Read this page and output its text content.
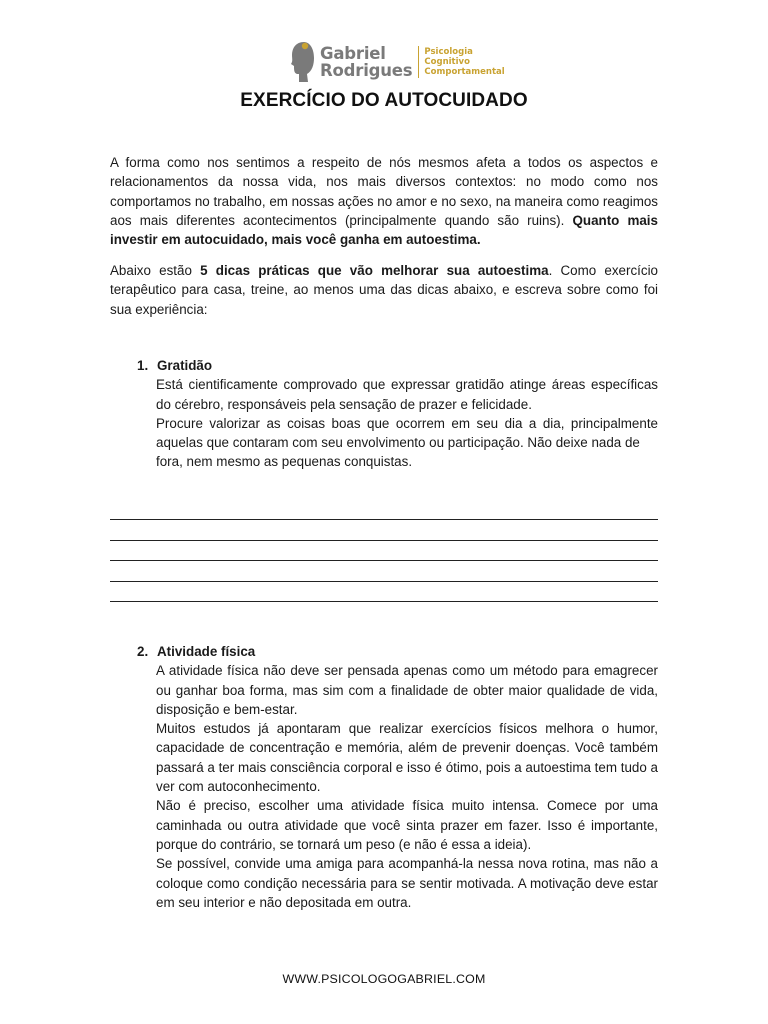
Gabriel
Rodrigues
Psicologia
Cognitivo
Comportamental
EXERCÍCIO DO AUTOCUIDADO

A forma como nos sentimos a respeito de nós mesmos afeta a todos os aspectos e relacionamentos da nossa vida, nos mais diversos contextos: no modo como nos comportamos no trabalho, em nossas ações no amor e no sexo, na maneira como reagimos aos mais diferentes acontecimentos (principalmente quando são ruins). Quanto mais investir em autocuidado, mais você ganha em autoestima.

Abaixo estão 5 dicas práticas que vão melhorar sua autoestima. Como exercício terapêutico para casa, treine, ao menos uma das dicas abaixo, e escreva sobre como foi sua experiência:

1. Gratidão

Está cientificamente comprovado que expressar gratidão atinge áreas específicas do cérebro, responsáveis pela sensação de prazer e felicidade.

Procure valorizar as coisas boas que ocorrem em seu dia a dia, principalmente aquelas que contaram com seu envolvimento ou participação. Não deixe nada de

fora, nem mesmo as pequenas conquistas.

2. Atividade física

A atividade física não deve ser pensada apenas como um método para emagrecer ou ganhar boa forma, mas sim com a finalidade de obter maior qualidade de vida, disposição e bem-estar.

Muitos estudos já apontaram que realizar exercícios físicos melhora o humor, capacidade de concentração e memória, além de prevenir doenças. Você também passará a ter mais consciência corporal e isso é ótimo, pois a autoestima tem tudo a ver com autoconhecimento.

Não é preciso, escolher uma atividade física muito intensa. Comece por uma caminhada ou outra atividade que você sinta prazer em fazer. Isso é importante, porque do contrário, se tornará um peso (e não é essa a ideia).

Se possível, convide uma amiga para acompanhá-la nessa nova rotina, mas não a coloque como condição necessária para se sentir motivada. A motivação deve estar em seu interior e não depositada em outra.

WWW.PSICOLOGOGABRIEL.COM
